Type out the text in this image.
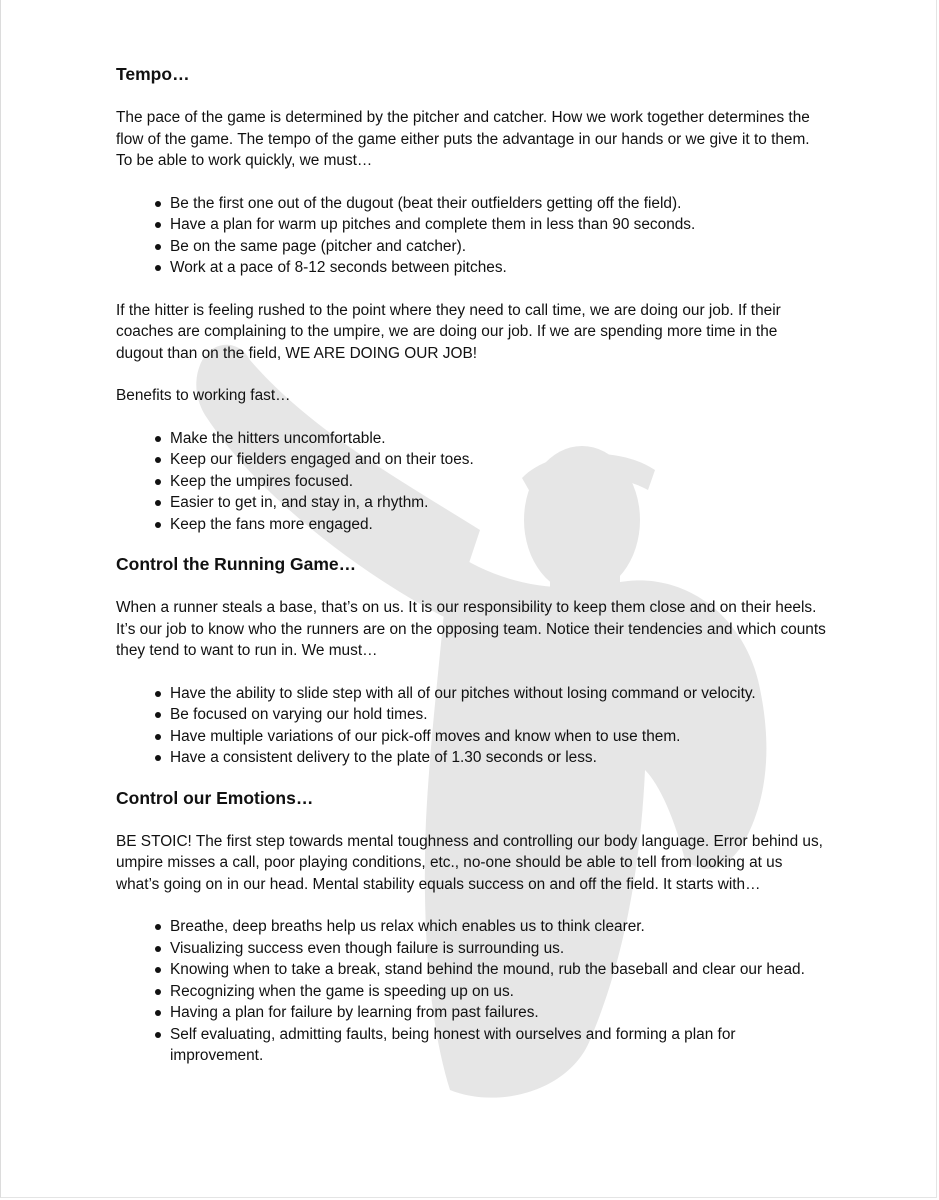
Tempo…

The pace of the game is determined by the pitcher and catcher. How we work together determines the flow of the game. The tempo of the game either puts the advantage in our hands or we give it to them. To be able to work quickly, we must…

Be the first one out of the dugout (beat their outfielders getting off the field).
Have a plan for warm up pitches and complete them in less than 90 seconds.
Be on the same page (pitcher and catcher).
Work at a pace of 8-12 seconds between pitches.

If the hitter is feeling rushed to the point where they need to call time, we are doing our job. If their coaches are complaining to the umpire, we are doing our job. If we are spending more time in the dugout than on the field, WE ARE DOING OUR JOB!

Benefits to working fast…

Make the hitters uncomfortable.
Keep our fielders engaged and on their toes.
Keep the umpires focused.
Easier to get in, and stay in, a rhythm.
Keep the fans more engaged.
Control the Running Game…

When a runner steals a base, that’s on us. It is our responsibility to keep them close and on their heels. It’s our job to know who the runners are on the opposing team. Notice their tendencies and which counts they tend to want to run in. We must…

Have the ability to slide step with all of our pitches without losing command or velocity.
Be focused on varying our hold times.
Have multiple variations of our pick-off moves and know when to use them.
Have a consistent delivery to the plate of 1.30 seconds or less.
Control our Emotions…

BE STOIC! The first step towards mental toughness and controlling our body language. Error behind us, umpire misses a call, poor playing conditions, etc., no-one should be able to tell from looking at us what’s going on in our head. Mental stability equals success on and off the field. It starts with…

Breathe, deep breaths help us relax which enables us to think clearer.
Visualizing success even though failure is surrounding us.
Knowing when to take a break, stand behind the mound, rub the baseball and clear our head.
Recognizing when the game is speeding up on us.
Having a plan for failure by learning from past failures.
Self evaluating, admitting faults, being honest with ourselves and forming a plan for improvement.
